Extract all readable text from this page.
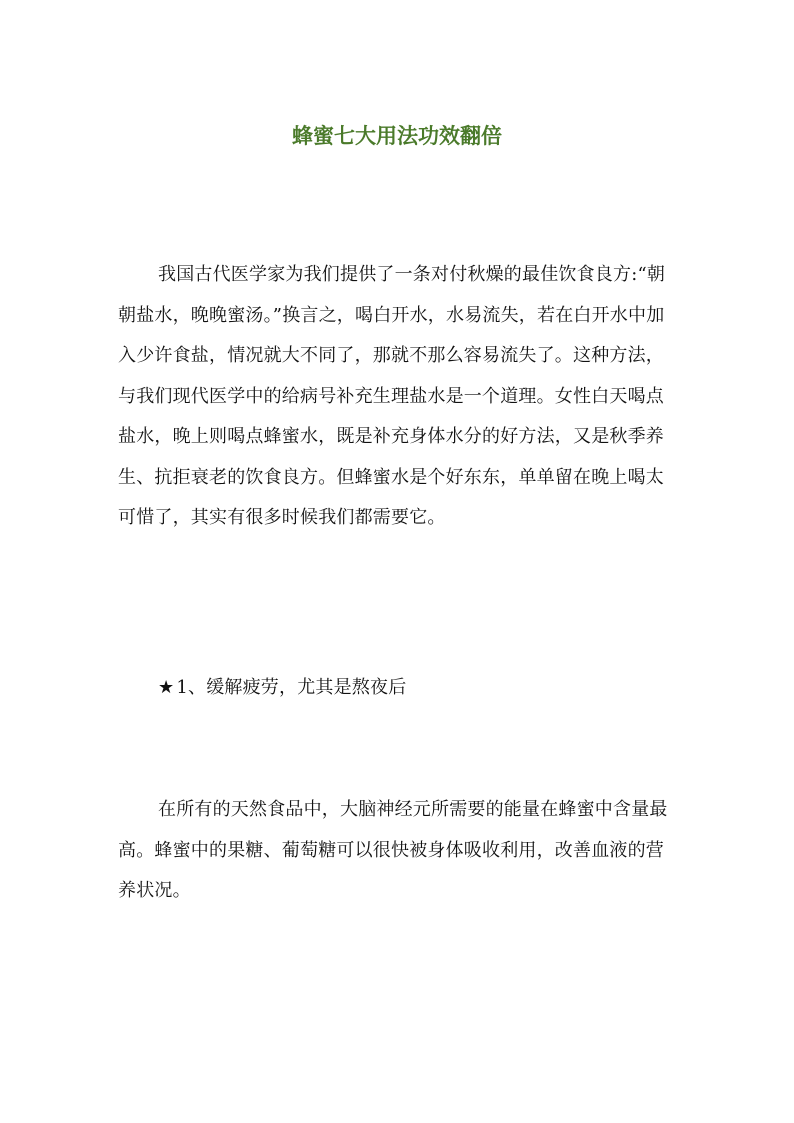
蜂蜜七大用法功效翻倍

我国古代医学家为我们提供了一条对付秋燥的最佳饮食良方:“朝朝盐水，晚晚蜜汤。”换言之，喝白开水，水易流失，若在白开水中加入少许食盐，情况就大不同了，那就不那么容易流失了。这种方法，与我们现代医学中的给病号补充生理盐水是一个道理。女性白天喝点盐水，晚上则喝点蜂蜜水，既是补充身体水分的好方法，又是秋季养生、抗拒衰老的饮食良方。但蜂蜜水是个好东东，单单留在晚上喝太可惜了，其实有很多时候我们都需要它。

★ 1、缓解疲劳，尤其是熬夜后

在所有的天然食品中，大脑神经元所需要的能量在蜂蜜中含量最高。蜂蜜中的果糖、葡萄糖可以很快被身体吸收利用，改善血液的营养状况。
